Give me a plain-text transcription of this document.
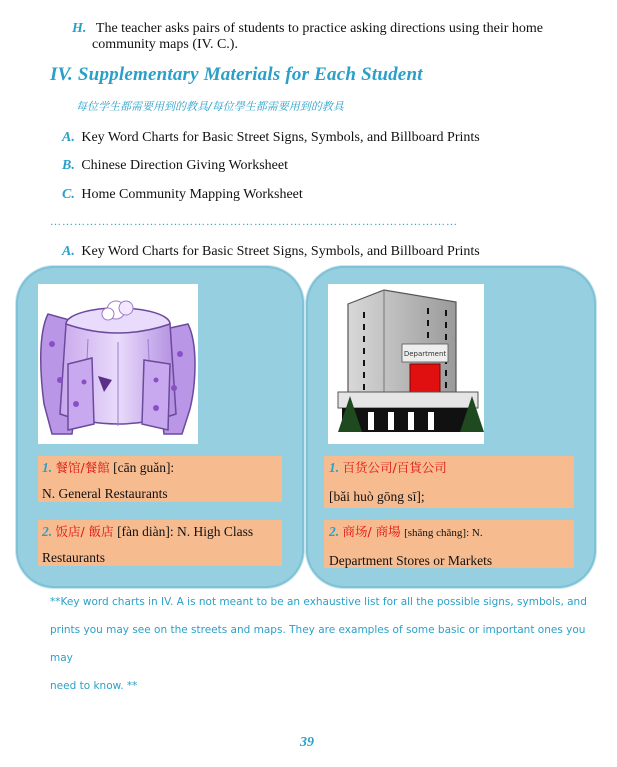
H. The teacher asks pairs of students to practice asking directions using their home
community maps (IV. C.).
IV. Supplementary Materials for Each Student
每位学生都需要用到的教具/每位學生都需要用到的教具
A. Key Word Charts for Basic Street Signs, Symbols, and Billboard Prints
B. Chinese Direction Giving Worksheet
C. Home Community Mapping Worksheet
…………………………………………………………………………………………
A. Key Word Charts for Basic Street Signs, Symbols, and Billboard Prints
1. 餐馆/餐館 [cān guǎn]:
N. General Restaurants
2. 饭店/ 飯店 [fàn diàn]: N. High Class
Restaurants
Department
1. 百货公司/百貨公司
[bǎi huò gōng sī];
2. 商场/ 商場 [shāng chǎng]: N.
Department Stores or Markets
**Key word charts in IV. A is not meant to be an exhaustive list for all the possible signs, symbols, and
prints you may see on the streets and maps. They are examples of some basic or important ones you may
need to know. **
39
